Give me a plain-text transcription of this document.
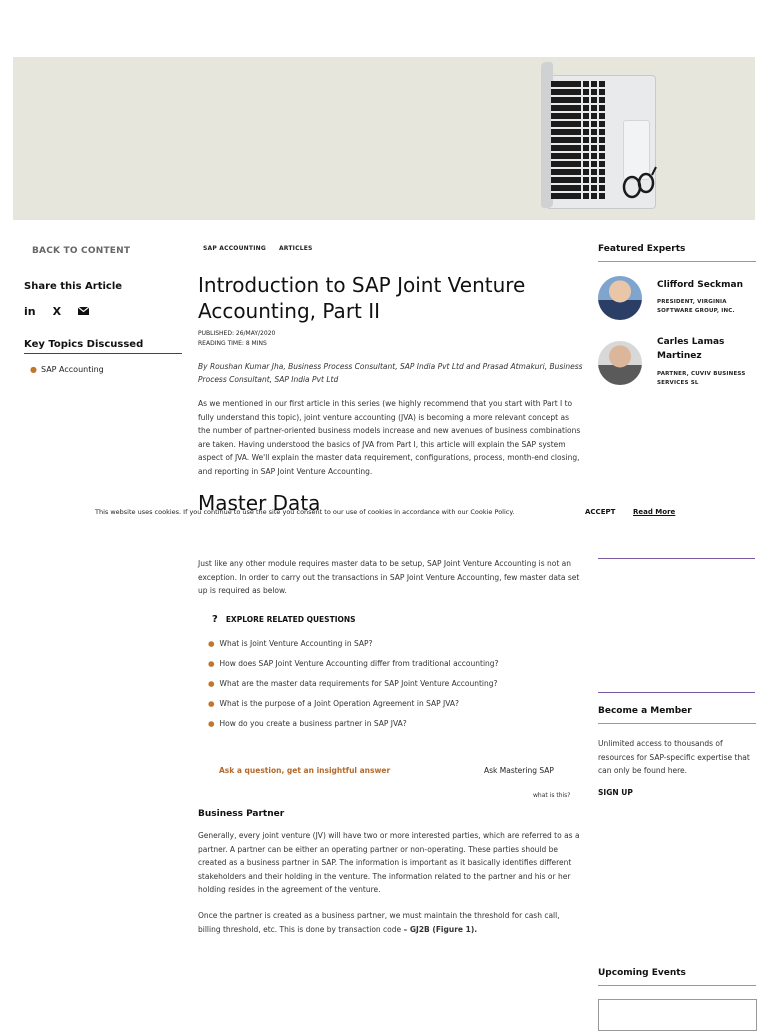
BACK TO CONTENT
Share this Article
in X
Key Topics Discussed
● SAP Accounting
SAP ACCOUNTING ARTICLES
Introduction to SAP Joint Venture Accounting, Part II
PUBLISHED: 26/MAY/2020
READING TIME: 8 MINS
By Roushan Kumar Jha, Business Process Consultant, SAP India Pvt Ltd and Prasad Atmakuri, Business Process Consultant, SAP India Pvt Ltd
As we mentioned in our first article in this series (we highly recommend that you start with Part I to fully understand this topic), joint venture accounting (JVA) is becoming a more relevant concept as the number of partner-oriented business models increase and new avenues of business combinations are taken. Having understood the basics of JVA from Part I, this article will explain the SAP system aspect of JVA. We'll explain the master data requirement, configurations, process, month-end closing, and reporting in SAP Joint Venture Accounting.
Master Data
Just like any other module requires master data to be setup, SAP Joint Venture Accounting is not an exception. In order to carry out the transactions in SAP Joint Venture Accounting, few master data set up is required as below.
? EXPLORE RELATED QUESTIONS
● What is Joint Venture Accounting in SAP?
● How does SAP Joint Venture Accounting differ from traditional accounting?
● What are the master data requirements for SAP Joint Venture Accounting?
● What is the purpose of a Joint Operation Agreement in SAP JVA?
● How do you create a business partner in SAP JVA?
Ask a question, get an insightful answer	Ask Mastering SAP
what is this?
Business Partner
Generally, every joint venture (JV) will have two or more interested parties, which are referred to as a partner. A partner can be either an operating partner or non-operating. These parties should be created as a business partner in SAP. The information is important as it basically identifies different stakeholders and their holding in the venture. The information related to the partner and his or her holding resides in the agreement of the venture.
Once the partner is created as a business partner, we must maintain the threshold for cash call, billing threshold, etc. This is done by transaction code – GJ2B (Figure 1).
Featured Experts
Clifford Seckman
PRESIDENT, VIRGINIA SOFTWARE GROUP, INC.
Carles Lamas Martinez
PARTNER, CUVIV BUSINESS SERVICES SL
Become a Member
Unlimited access to thousands of resources for SAP-specific expertise that can only be found here.
SIGN UP
Upcoming Events
This website uses cookies. If you continue to use the site you consent to our use of cookies in accordance with our Cookie Policy.	ACCEPT	Read More
